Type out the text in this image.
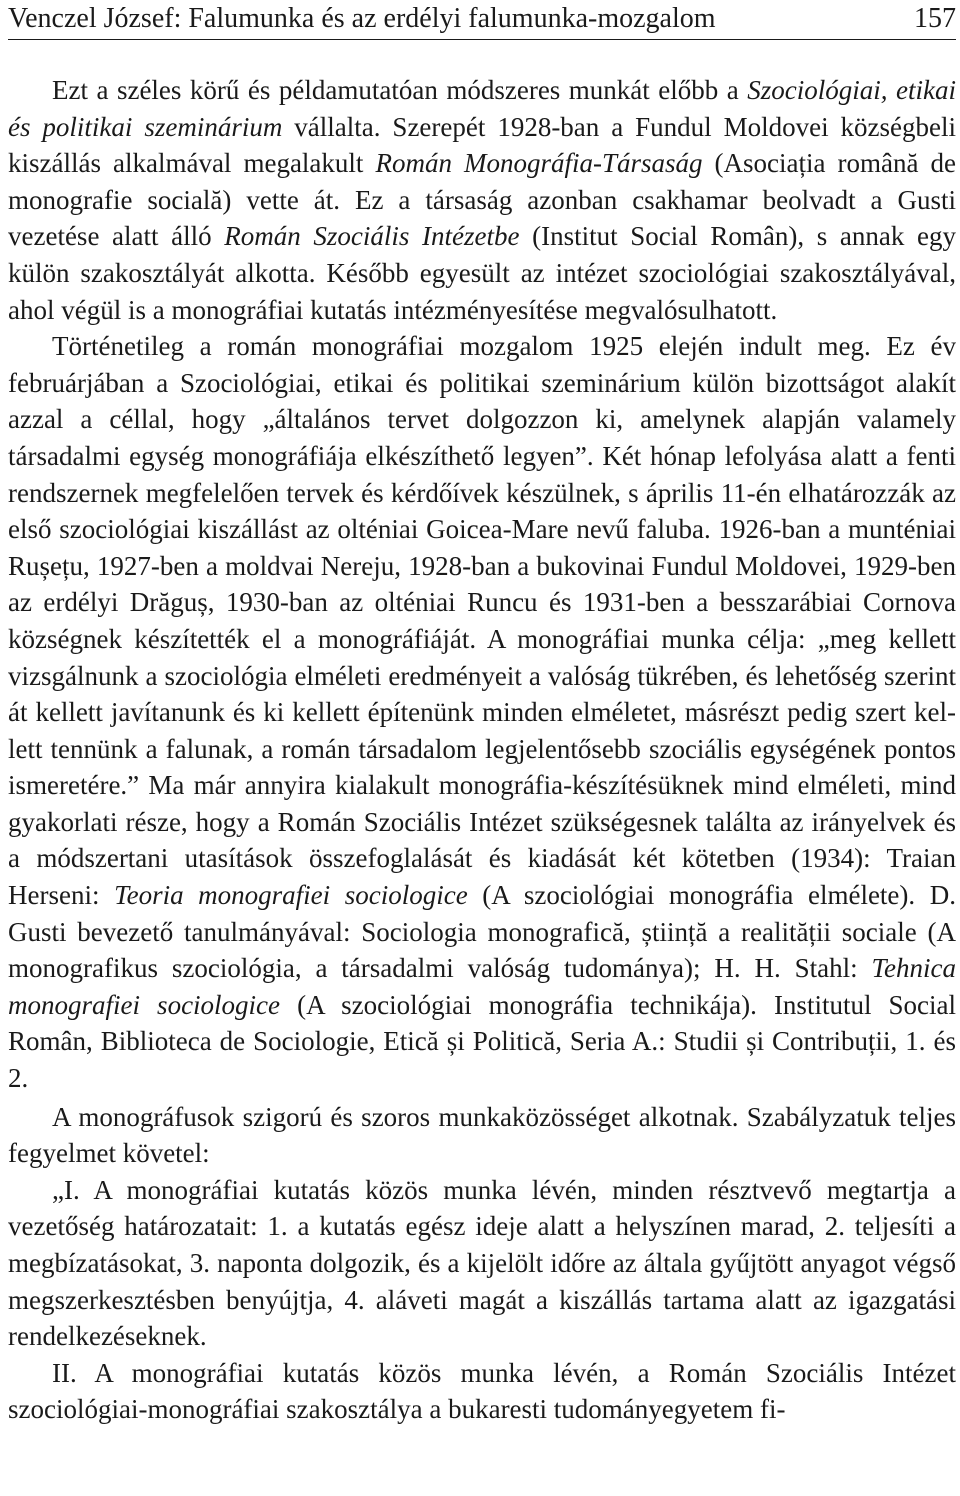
Venczel József: Falumunka és az erdélyi falumunka-mozgalom	157

Ezt a széles körű és példamutatóan módszeres munkát előbb a Szociológiai, etikai és politikai szeminárium vállalta. Szerepét 1928-ban a Fundul Moldovei községbeli kiszállás alkalmával megalakult Román Monográfia-Társaság (Asociația română de monografie socială) vette át. Ez a társaság azonban csakhamar beolvadt a Gusti vezetése alatt álló Román Szociális Intézetbe (Institut Social Român), s annak egy külön szakosztályát alkotta. Később egyesült az intézet szociológiai szakosztályával, ahol végül is a monográfiai kutatás intézményesítése megvalósulhatott.

Történetileg a román monográfiai mozgalom 1925 elején indult meg. Ez év februárjában a Szociológiai, etikai és politikai szeminárium külön bizottságot alakít azzal a céllal, hogy „általános tervet dolgozzon ki, amelynek alapján valamely társadalmi egység monográfiája elkészíthető legyen”. Két hónap lefolyása alatt a fenti rendszernek megfelelően tervek és kérdőívek készülnek, s április 11-én elhatározzák az első szociológiai kiszállást az olténiai Goicea-Mare nevű faluba. 1926-ban a munténiai Rușețu, 1927-ben a moldvai Nereju, 1928-ban a bukovinai Fundul Moldovei, 1929-ben az erdélyi Drăguș, 1930-ban az olténiai Runcu és 1931-ben a besszarábiai Cornova községnek készítették el a monográfiáját. A monográfiai munka célja: „meg kellett vizsgálnunk a szociológia elméleti eredményeit a valóság tükrében, és lehetőség szerint át kellett javítanunk és ki kellett építenünk minden elméletet, másrészt pedig szert kellett tennünk a falunak, a román társadalom legjelentősebb szociális egységének pontos ismeretére.” Ma már annyira kialakult monográfia-készítésüknek mind elméleti, mind gyakorlati része, hogy a Román Szociális Intézet szükségesnek találta az irányelvek és a módszertani utasítások összefoglalását és kiadását két kötetben (1934): Traian Herseni: Teoria monografiei sociologice (A szociológiai monográfia elmélete). D. Gusti bevezető tanulmányával: Sociologia monografică, știință a realității sociale (A monografikus szociológia, a társadalmi valóság tudománya); H. H. Stahl: Tehnica monografiei sociologice (A szociológiai monográfia technikája). Institutul Social Român, Biblioteca de Sociologie, Etică și Politică, Seria A.: Studii și Contribuții, 1. és 2.

A monográfusok szigorú és szoros munkaközösséget alkotnak. Szabályzatuk teljes fegyelmet követel:

„I. A monográfiai kutatás közös munka lévén, minden résztvevő megtartja a vezetőség határozatait: 1. a kutatás egész ideje alatt a helyszínen marad, 2. teljesíti a megbízatásokat, 3. naponta dolgozik, és a kijelölt időre az általa gyűjtött anyagot végső megszerkesztésben benyújtja, 4. aláveti magát a kiszállás tartama alatt az igazgatási rendelkezéseknek.

II. A monográfiai kutatás közös munka lévén, a Román Szociális Intézet szociológiai-monográfiai szakosztálya a bukaresti tudományegyetem fi-
